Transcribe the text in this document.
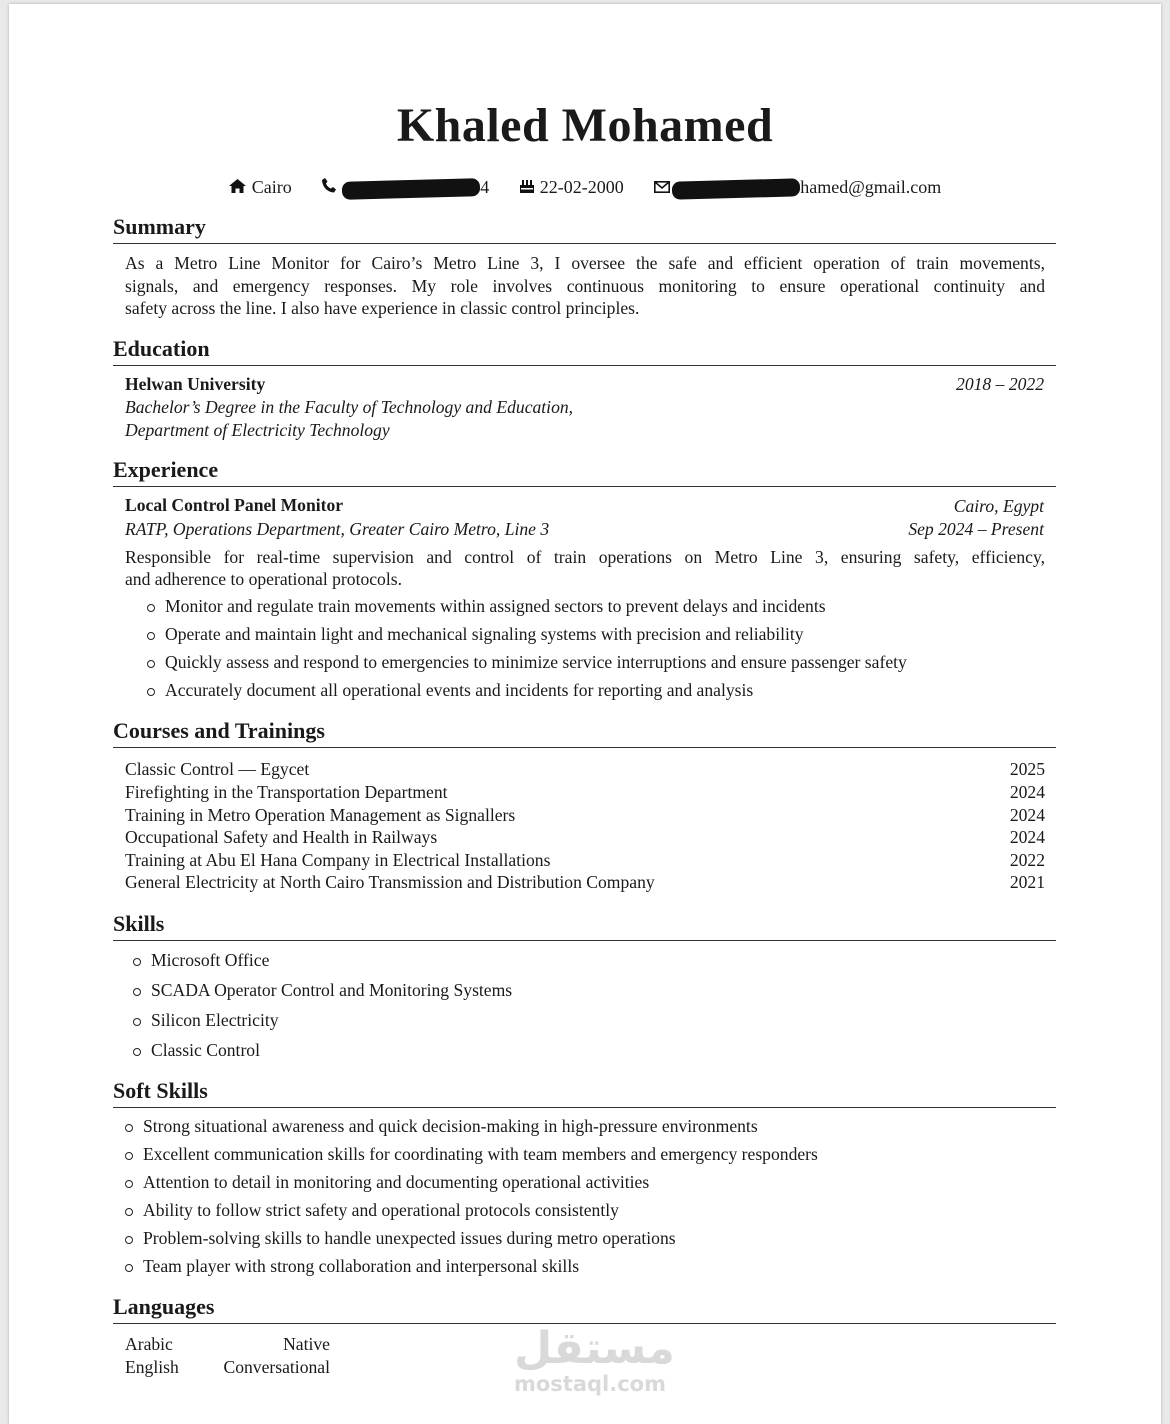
Khaled Mohamed
Cairo	4	22-02-2000	hamed@gmail.com
Summary
As a Metro Line Monitor for Cairo’s Metro Line 3, I oversee the safe and efficient operation of train movements,
signals, and emergency responses. My role involves continuous monitoring to ensure operational continuity and
safety across the line. I also have experience in classic control principles.
Education
Helwan University	2018 – 2022
Bachelor’s Degree in the Faculty of Technology and Education,
Department of Electricity Technology
Experience
Local Control Panel Monitor	Cairo, Egypt
RATP, Operations Department, Greater Cairo Metro, Line 3	Sep 2024 – Present
Responsible for real-time supervision and control of train operations on Metro Line 3, ensuring safety, efficiency,
and adherence to operational protocols.
Monitor and regulate train movements within assigned sectors to prevent delays and incidents
Operate and maintain light and mechanical signaling systems with precision and reliability
Quickly assess and respond to emergencies to minimize service interruptions and ensure passenger safety
Accurately document all operational events and incidents for reporting and analysis
Courses and Trainings
Classic Control — Egycet	2025
Firefighting in the Transportation Department	2024
Training in Metro Operation Management as Signallers	2024
Occupational Safety and Health in Railways	2024
Training at Abu El Hana Company in Electrical Installations	2022
General Electricity at North Cairo Transmission and Distribution Company	2021
Skills
Microsoft Office
SCADA Operator Control and Monitoring Systems
Silicon Electricity
Classic Control
Soft Skills
Strong situational awareness and quick decision-making in high-pressure environments
Excellent communication skills for coordinating with team members and emergency responders
Attention to detail in monitoring and documenting operational activities
Ability to follow strict safety and operational protocols consistently
Problem-solving skills to handle unexpected issues during metro operations
Team player with strong collaboration and interpersonal skills
Languages
Arabic	Native
English	Conversational	مستقل
mostaql.com
